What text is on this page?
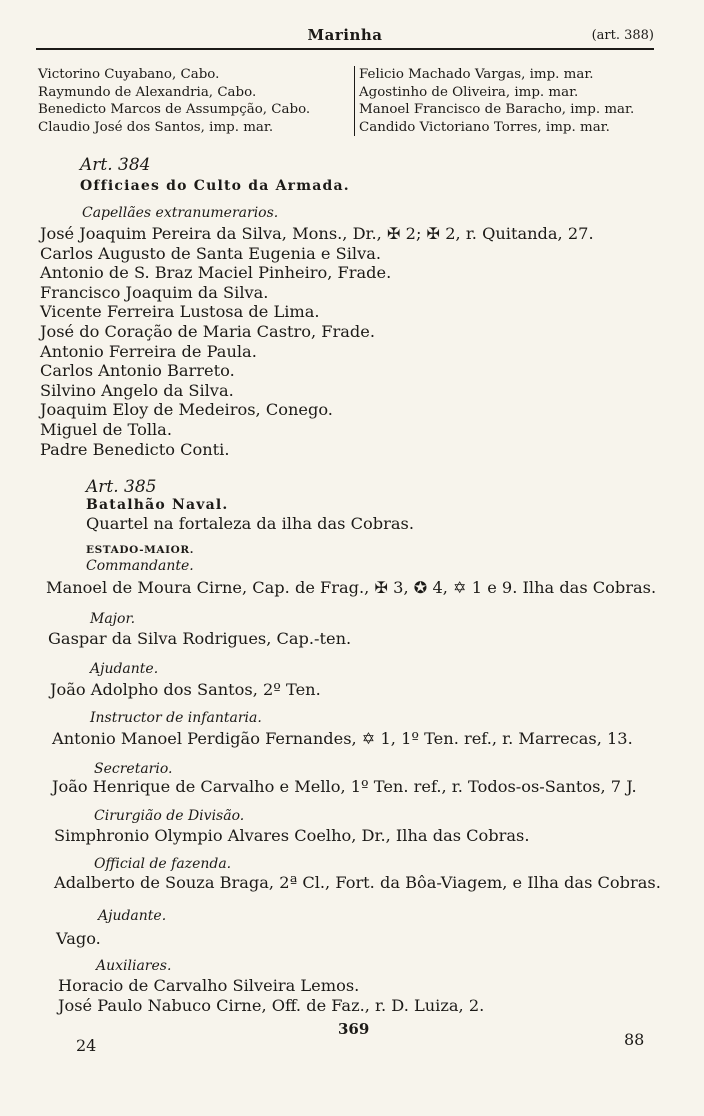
Marinha	(art. 388)
Victorino Cuyabano, Cabo.
Raymundo de Alexandria, Cabo.
Benedicto Marcos de Assumpção, Cabo.
Claudio José dos Santos, imp. mar.
Felicio Machado Vargas, imp. mar.
Agostinho de Oliveira, imp. mar.
Manoel Francisco de Baracho, imp. mar.
Candido Victoriano Torres, imp. mar.
Art. 384
Officiaes do Culto da Armada.
Capellães extranumerarios.
José Joaquim Pereira da Silva, Mons., Dr., ✠ 2; ✠ 2, r. Quitanda, 27.
Carlos Augusto de Santa Eugenia e Silva.
Antonio de S. Braz Maciel Pinheiro, Frade.
Francisco Joaquim da Silva.
Vicente Ferreira Lustosa de Lima.
José do Coração de Maria Castro, Frade.
Antonio Ferreira de Paula.
Carlos Antonio Barreto.
Silvino Angelo da Silva.
Joaquim Eloy de Medeiros, Conego.
Miguel de Tolla.
Padre Benedicto Conti.
Art. 385
Batalhão Naval.
Quartel na fortaleza da ilha das Cobras.
ESTADO-MAIOR.
Commandante.
Manoel de Moura Cirne, Cap. de Frag., ✠ 3, ✪ 4, ✡ 1 e 9. Ilha das Cobras.
Major.
Gaspar da Silva Rodrigues, Cap.-ten.
Ajudante.
João Adolpho dos Santos, 2º Ten.
Instructor de infantaria.
Antonio Manoel Perdigão Fernandes, ✡ 1, 1º Ten. ref., r. Marrecas, 13.
Secretario.
João Henrique de Carvalho e Mello, 1º Ten. ref., r. Todos-os-Santos, 7 J.
Cirurgião de Divisão.
Simphronio Olympio Alvares Coelho, Dr., Ilha das Cobras.
Official de fazenda.
Adalberto de Souza Braga, 2ª Cl., Fort. da Bôa-Viagem, e Ilha das Cobras.
Ajudante.
Vago.
Auxiliares.
Horacio de Carvalho Silveira Lemos.
José Paulo Nabuco Cirne, Off. de Faz., r. D. Luiza, 2.
369
24	88
